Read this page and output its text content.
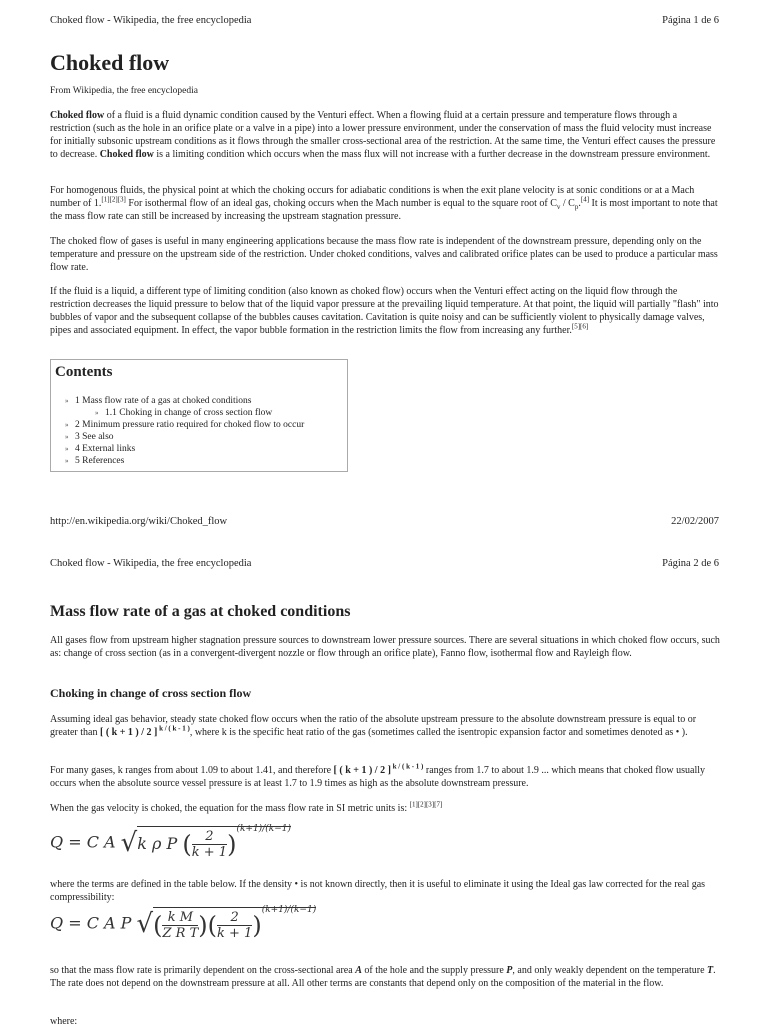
Choked flow - Wikipedia, the free encyclopedia	Página 1 de 6
Choked flow
From Wikipedia, the free encyclopedia
Choked flow of a fluid is a fluid dynamic condition caused by the Venturi effect. When a flowing fluid at a certain pressure and temperature flows through a restriction (such as the hole in an orifice plate or a valve in a pipe) into a lower pressure environment, under the conservation of mass the fluid velocity must increase for initially subsonic upstream conditions as it flows through the smaller cross-sectional area of the restriction. At the same time, the Venturi effect causes the pressure to decrease. Choked flow is a limiting condition which occurs when the mass flux will not increase with a further decrease in the downstream pressure environment.
For homogenous fluids, the physical point at which the choking occurs for adiabatic conditions is when the exit plane velocity is at sonic conditions or at a Mach number of 1.[1][2][3] For isothermal flow of an ideal gas, choking occurs when the Mach number is equal to the square root of $C_v / C_p.[4]$ It is most important to note that the mass flow rate can still be increased by increasing the upstream stagnation pressure.
The choked flow of gases is useful in many engineering applications because the mass flow rate is independent of the downstream pressure, depending only on the temperature and pressure on the upstream side of the restriction. Under choked conditions, valves and calibrated orifice plates can be used to produce a particular mass flow rate.
If the fluid is a liquid, a different type of limiting condition (also known as choked flow) occurs when the Venturi effect acting on the liquid flow through the restriction decreases the liquid pressure to below that of the liquid vapor pressure at the prevailing liquid temperature. At that point, the liquid will partially "flash" into bubbles of vapor and the subsequent collapse of the bubbles causes cavitation. Cavitation is quite noisy and can be sufficiently violent to physically damage valves, pipes and associated equipment. In effect, the vapor bubble formation in the restriction limits the flow from increasing any further.[5][6]
Contents
» 1 Mass flow rate of a gas at choked conditions
» 1.1 Choking in change of cross section flow
» 2 Minimum pressure ratio required for choked flow to occur
» 3 See also
» 4 External links
» 5 References
http://en.wikipedia.org/wiki/Choked_flow	22/02/2007
Choked flow - Wikipedia, the free encyclopedia	Página 2 de 6
Mass flow rate of a gas at choked conditions
All gases flow from upstream higher stagnation pressure sources to downstream lower pressure sources. There are several situations in which choked flow occurs, such as: change of cross section (as in a convergent-divergent nozzle or flow through an orifice plate), Fanno flow, isothermal flow and Rayleigh flow.
Choking in change of cross section flow
Assuming ideal gas behavior, steady state choked flow occurs when the ratio of the absolute upstream pressure to the absolute downstream pressure is equal to or greater than [ ( k + 1 ) / 2 ] $^{k / ( k - 1 )}$, where k is the specific heat ratio of the gas (sometimes called the isentropic expansion factor and sometimes denoted as • ).
For many gases, k ranges from about 1.09 to about 1.41, and therefore [ ( k + 1 ) / 2 ] $^{k / ( k - 1 )}$ ranges from 1.7 to about 1.9 ... which means that choked flow usually occurs when the absolute source vessel pressure is at least 1.7 to 1.9 times as high as the absolute downstream pressure.
When the gas velocity is choked, the equation for the mass flow rate in SI metric units is: [1][2][3][7]
Q = C A √k ρ P ( $\frac{2}{k + 1} )^{(k+1)/(k-1)}$
where the terms are defined in the table below. If the density • is not known directly, then it is useful to eliminate it using the Ideal gas law corrected for the real gas compressibility:
Q = C A P √( $\frac{\text{k M}}{\text{Z R T}}$ )( $\frac{2}{k + 1} )^{(k+1)/(k-1)}$
so that the mass flow rate is primarily dependent on the cross-sectional area A of the hole and the supply pressure P, and only weakly dependent on the temperature T. The rate does not depend on the downstream pressure at all. All other terms are constants that depend only on the composition of the material in the flow.
where:
